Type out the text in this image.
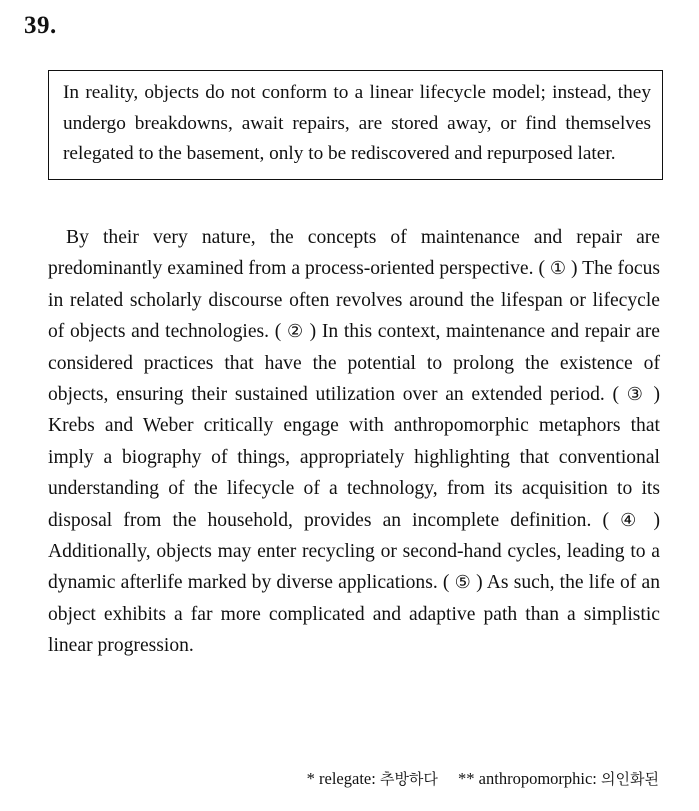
39.

In reality, objects do not conform to a linear lifecycle model; instead, they undergo breakdowns, await repairs, are stored away, or find themselves relegated to the basement, only to be rediscovered and repurposed later.

By their very nature, the concepts of maintenance and repair are predominantly examined from a process-oriented perspective. ( ① ) The focus in related scholarly discourse often revolves around the lifespan or lifecycle of objects and technologies. ( ② ) In this context, maintenance and repair are considered practices that have the potential to prolong the existence of objects, ensuring their sustained utilization over an extended period. ( ③ ) Krebs and Weber critically engage with anthropomorphic metaphors that imply a biography of things, appropriately highlighting that conventional understanding of the lifecycle of a technology, from its acquisition to its disposal from the household, provides an incomplete definition. ( ④ ) Additionally, objects may enter recycling or second-hand cycles, leading to a dynamic afterlife marked by diverse applications. ( ⑤ ) As such, the life of an object exhibits a far more complicated and adaptive path than a simplistic linear progression.

* relegate: 추방하다 ** anthropomorphic: 의인화된
